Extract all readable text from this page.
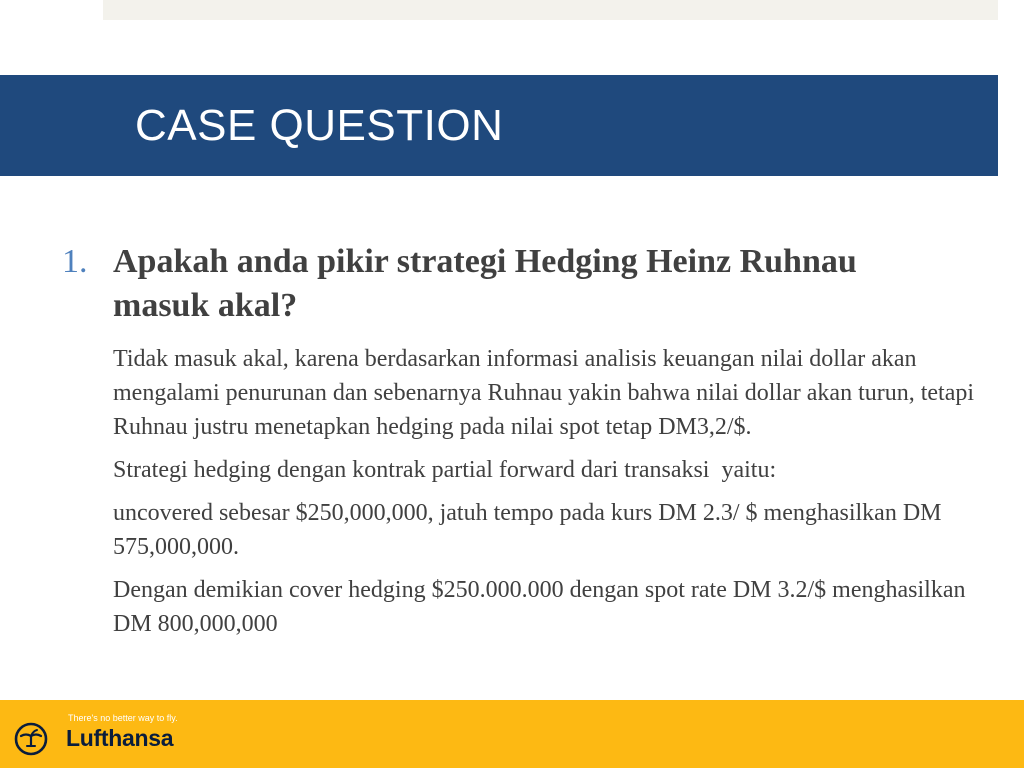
CASE QUESTION
1. Apakah anda pikir strategi Hedging Heinz Ruhnau masuk akal?

Tidak masuk akal, karena berdasarkan informasi analisis keuangan nilai dollar akan mengalami penurunan dan sebenarnya Ruhnau yakin bahwa nilai dollar akan turun, tetapi Ruhnau justru menetapkan hedging pada nilai spot tetap DM3,2/$.

Strategi hedging dengan kontrak partial forward dari transaksi  yaitu:

uncovered sebesar $250,000,000, jatuh tempo pada kurs DM 2.3/ $ menghasilkan DM 575,000,000.

Dengan demikian cover hedging $250.000.000 dengan spot rate DM 3.2/$ menghasilkan DM 800,000,000

There's no better way to fly.
Lufthansa
